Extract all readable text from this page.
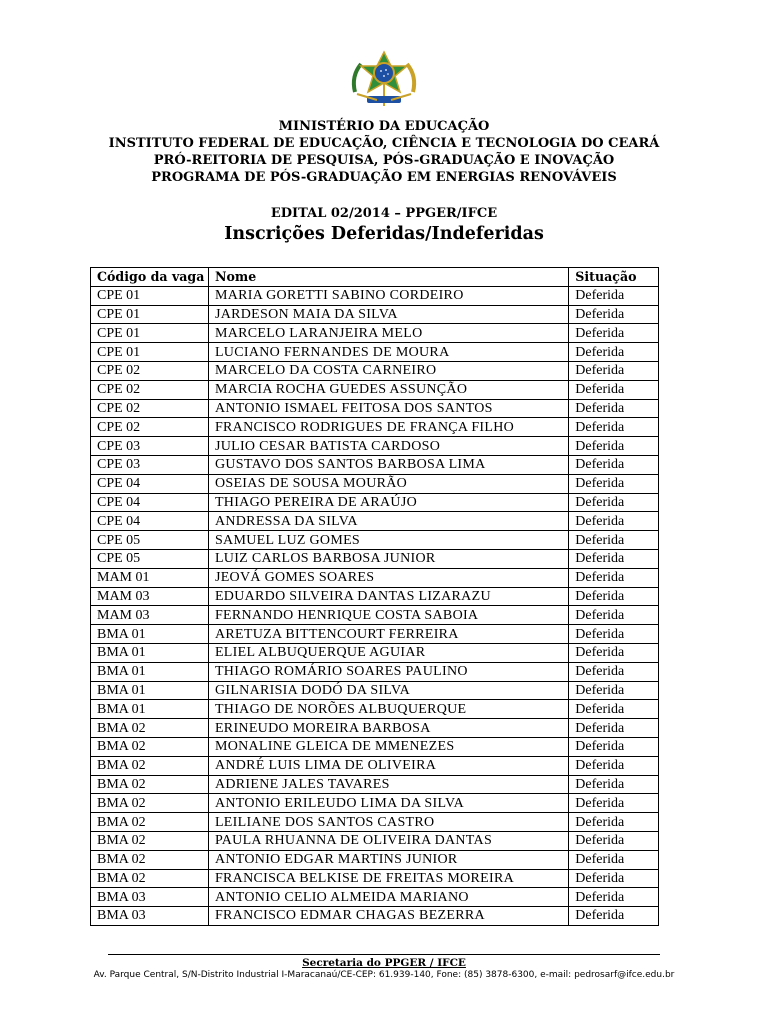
MINISTÉRIO DA EDUCAÇÃO
INSTITUTO FEDERAL DE EDUCAÇÃO, CIÊNCIA E TECNOLOGIA DO CEARÁ
PRÓ-REITORIA DE PESQUISA, PÓS-GRADUAÇÃO E INOVAÇÃO
PROGRAMA DE PÓS-GRADUAÇÃO EM ENERGIAS RENOVÁVEIS
EDITAL 02/2014 – PPGER/IFCE
Inscrições Deferidas/Indeferidas
Código da vaga	Nome	Situação
CPE 01	MARIA GORETTI SABINO CORDEIRO	Deferida
CPE 01	JARDESON MAIA DA SILVA	Deferida
CPE 01	MARCELO LARANJEIRA MELO	Deferida
CPE 01	LUCIANO FERNANDES DE MOURA	Deferida
CPE 02	MARCELO DA COSTA CARNEIRO	Deferida
CPE 02	MARCIA ROCHA GUEDES ASSUNÇÃO	Deferida
CPE 02	ANTONIO ISMAEL FEITOSA DOS SANTOS	Deferida
CPE 02	FRANCISCO RODRIGUES DE FRANÇA FILHO	Deferida
CPE 03	JULIO CESAR BATISTA CARDOSO	Deferida
CPE 03	GUSTAVO DOS SANTOS BARBOSA LIMA	Deferida
CPE 04	OSEIAS DE SOUSA MOURÃO	Deferida
CPE 04	THIAGO PEREIRA DE ARAÚJO	Deferida
CPE 04	ANDRESSA DA SILVA	Deferida
CPE 05	SAMUEL LUZ GOMES	Deferida
CPE 05	LUIZ CARLOS BARBOSA JUNIOR	Deferida
MAM 01	JEOVÁ GOMES SOARES	Deferida
MAM 03	EDUARDO SILVEIRA DANTAS LIZARAZU	Deferida
MAM 03	FERNANDO HENRIQUE COSTA SABOIA	Deferida
BMA 01	ARETUZA BITTENCOURT FERREIRA	Deferida
BMA 01	ELIEL ALBUQUERQUE AGUIAR	Deferida
BMA 01	THIAGO ROMÁRIO SOARES PAULINO	Deferida
BMA 01	GILNARISIA DODÓ DA SILVA	Deferida
BMA 01	THIAGO DE NORÕES ALBUQUERQUE	Deferida
BMA 02	ERINEUDO MOREIRA BARBOSA	Deferida
BMA 02	MONALINE GLEICA DE MMENEZES	Deferida
BMA 02	ANDRÉ LUIS LIMA DE OLIVEIRA	Deferida
BMA 02	ADRIENE JALES TAVARES	Deferida
BMA 02	ANTONIO ERILEUDO LIMA DA SILVA	Deferida
BMA 02	LEILIANE DOS SANTOS CASTRO	Deferida
BMA 02	PAULA RHUANNA DE OLIVEIRA DANTAS	Deferida
BMA 02	ANTONIO EDGAR MARTINS JUNIOR	Deferida
BMA 02	FRANCISCA BELKISE DE FREITAS MOREIRA	Deferida
BMA 03	ANTONIO CELIO ALMEIDA MARIANO	Deferida
BMA 03	FRANCISCO EDMAR CHAGAS BEZERRA	Deferida
Secretaria do PPGER / IFCE
Av. Parque Central, S/N-Distrito Industrial I-Maracanaú/CE-CEP: 61.939-140, Fone: (85) 3878-6300, e-mail: pedrosarf@ifce.edu.br
